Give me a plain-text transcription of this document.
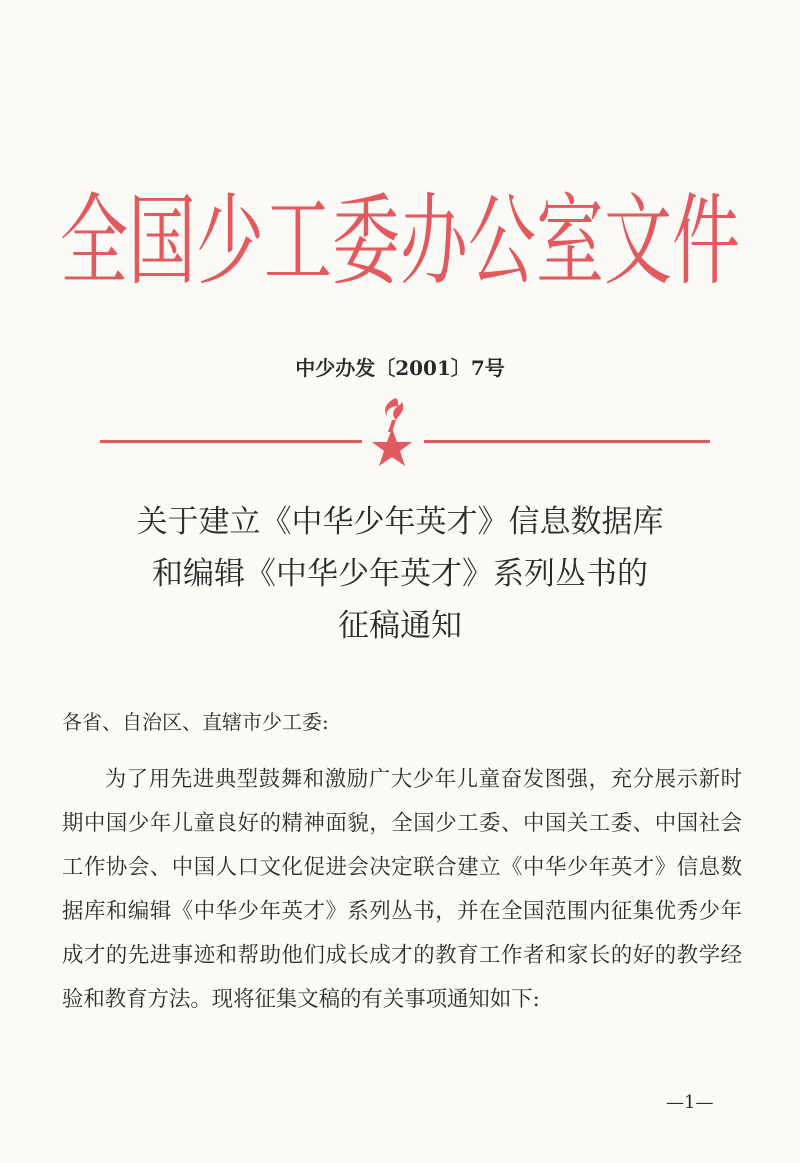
全国少工委办公室文件
中少办发〔2001〕7号
关于建立《中华少年英才》信息数据库
和编辑《中华少年英才》系列丛书的
征稿通知
各省、自治区、直辖市少工委:

为了用先进典型鼓舞和激励广大少年儿童奋发图强，充分展示新时期中国少年儿童良好的精神面貌，全国少工委、中国关工委、中国社会工作协会、中国人口文化促进会决定联合建立《中华少年英才》信息数据库和编辑《中华少年英才》系列丛书，并在全国范围内征集优秀少年成才的先进事迹和帮助他们成长成才的教育工作者和家长的好的教学经验和教育方法。现将征集文稿的有关事项通知如下:

—1—
